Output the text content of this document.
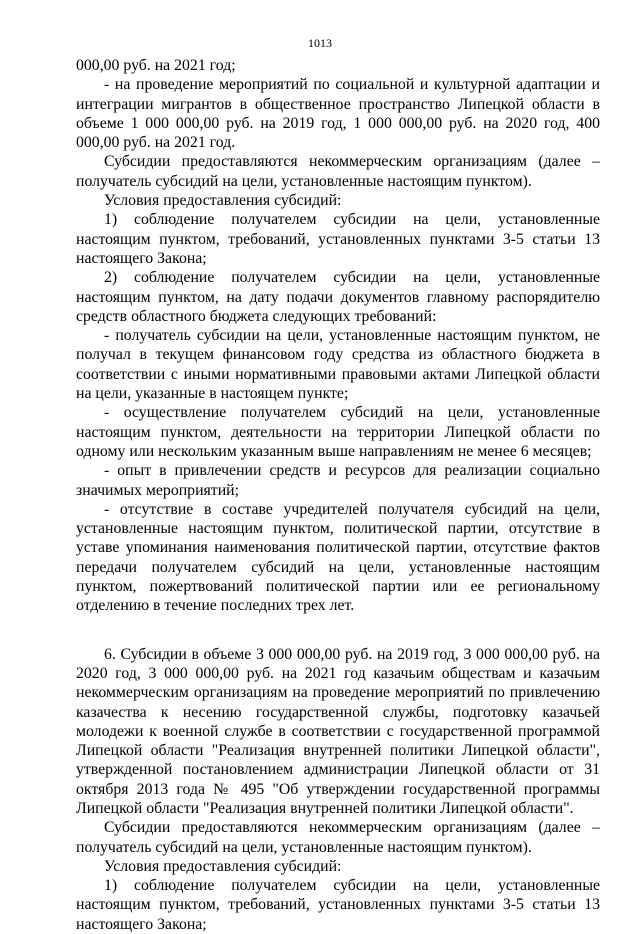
1013

000,00 руб. на 2021 год;

- на проведение мероприятий по социальной и культурной адаптации и интеграции мигрантов в общественное пространство Липецкой области в объеме 1 000 000,00 руб. на 2019 год, 1 000 000,00 руб. на 2020 год, 400 000,00 руб. на 2021 год.

Субсидии предоставляются некоммерческим организациям (далее – получатель субсидий на цели, установленные настоящим пунктом).

Условия предоставления субсидий:

1) соблюдение получателем субсидии на цели, установленные настоящим пунктом, требований, установленных пунктами 3-5 статьи 13 настоящего Закона;

2) соблюдение получателем субсидии на цели, установленные настоящим пунктом, на дату подачи документов главному распорядителю средств областного бюджета следующих требований:

- получатель субсидии на цели, установленные настоящим пунктом, не получал в текущем финансовом году средства из областного бюджета в соответствии с иными нормативными правовыми актами Липецкой области на цели, указанные в настоящем пункте;

- осуществление получателем субсидий на цели, установленные настоящим пунктом, деятельности на территории Липецкой области по одному или нескольким указанным выше направлениям не менее 6 месяцев;

- опыт в привлечении средств и ресурсов для реализации социально значимых мероприятий;

- отсутствие в составе учредителей получателя субсидий на цели, установленные настоящим пунктом, политической партии, отсутствие в уставе упоминания наименования политической партии, отсутствие фактов передачи получателем субсидий на цели, установленные настоящим пунктом, пожертвований политической партии или ее региональному отделению в течение последних трех лет.

6. Субсидии в объеме 3 000 000,00 руб. на 2019 год, 3 000 000,00 руб. на 2020 год, 3 000 000,00 руб. на 2021 год казачьим обществам и казачьим некоммерческим организациям на проведение мероприятий по привлечению казачества к несению государственной службы, подготовку казачьей молодежи к военной службе в соответствии с государственной программой Липецкой области "Реализация внутренней политики Липецкой области", утвержденной постановлением администрации Липецкой области от 31 октября 2013 года № 495 "Об утверждении государственной программы Липецкой области "Реализация внутренней политики Липецкой области".

Субсидии предоставляются некоммерческим организациям (далее – получатель субсидий на цели, установленные настоящим пунктом).

Условия предоставления субсидий:

1) соблюдение получателем субсидии на цели, установленные настоящим пунктом, требований, установленных пунктами 3-5 статьи 13 настоящего Закона;
